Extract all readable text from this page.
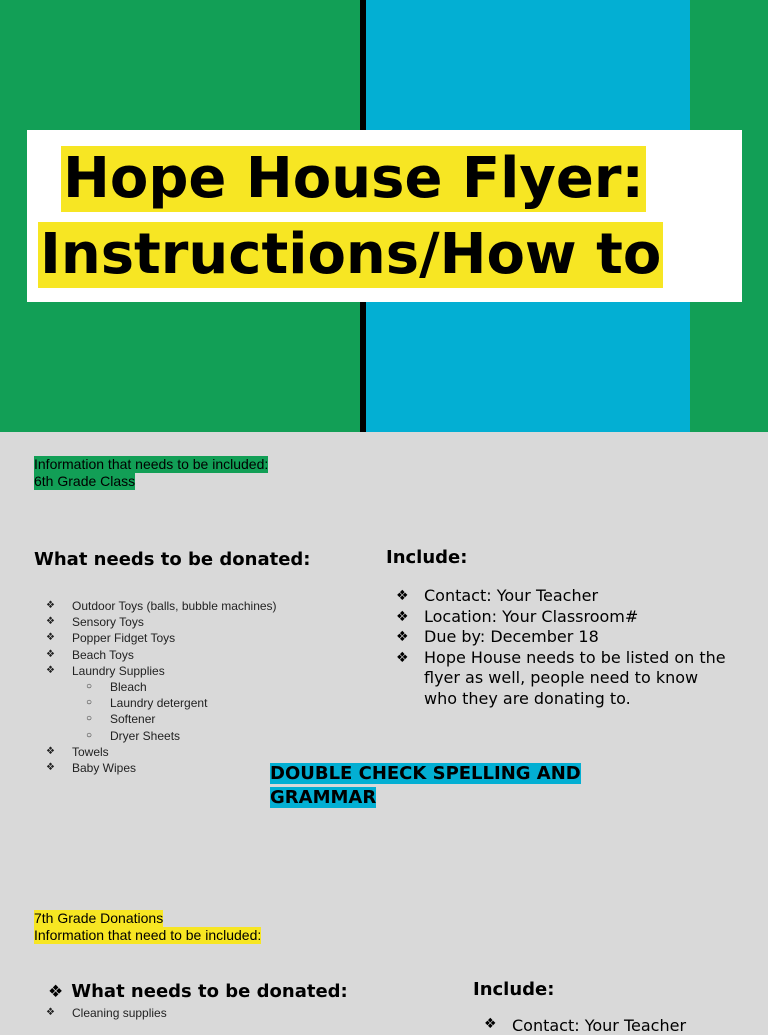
Hope House Flyer:
Instructions/How to
Information that needs to be included:
6th Grade Class
What needs to be donated:	Include:
❖ Outdoor Toys (balls, bubble machines)
❖ Sensory Toys
❖ Popper Fidget Toys
❖ Beach Toys
❖ Laundry Supplies
○ Bleach
○ Laundry detergent
○ Softener
○ Dryer Sheets
❖ Towels
❖ Baby Wipes
❖ Contact: Your Teacher
❖ Location: Your Classroom#
❖ Due by: December 18
❖ Hope House needs to be listed on the flyer as well, people need to know who they are donating to.
DOUBLE CHECK SPELLING AND GRAMMAR
7th Grade Donations
Information that need to be included:
❖ What needs to be donated:	Include:
❖ Cleaning supplies
❖ Contact: Your Teacher
